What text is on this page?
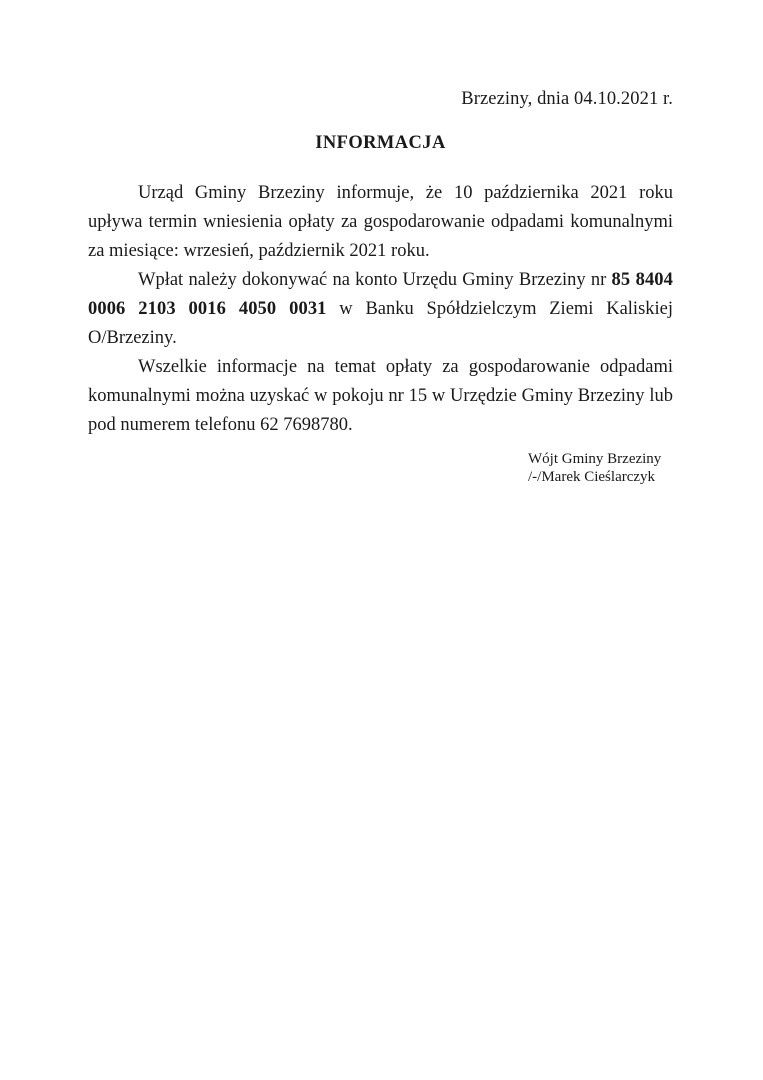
Brzeziny, dnia 04.10.2021 r.
INFORMACJA

Urząd Gminy Brzeziny informuje, że 10 października 2021 roku upływa termin wniesienia opłaty za gospodarowanie odpadami komunalnymi za miesiące: wrzesień, październik 2021 roku.

Wpłat należy dokonywać na konto Urzędu Gminy Brzeziny nr 85 8404 0006 2103 0016 4050 0031 w Banku Spółdzielczym Ziemi Kaliskiej O/Brzeziny.

Wszelkie informacje na temat opłaty za gospodarowanie odpadami komunalnymi można uzyskać w pokoju nr 15 w Urzędzie Gminy Brzeziny lub pod numerem telefonu 62 7698780.

Wójt Gminy Brzeziny
/-/Marek Cieślarczyk
